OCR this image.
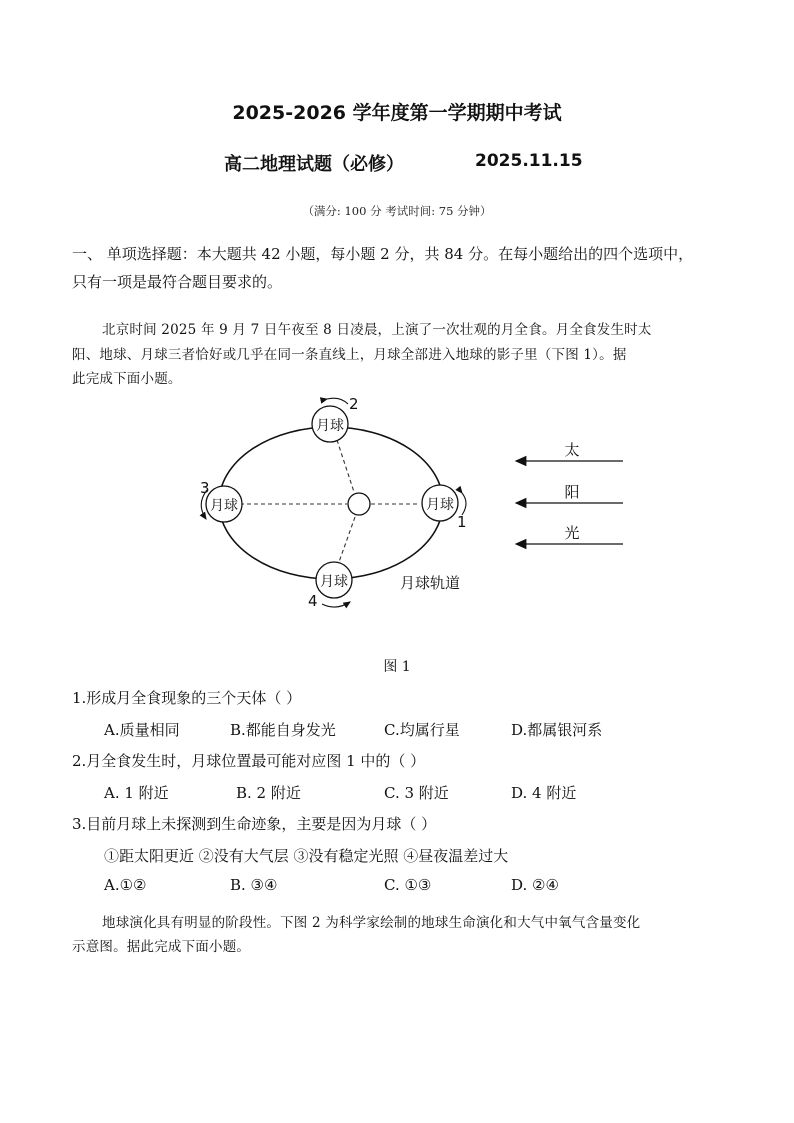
2025-2026 学年度第一学期期中考试
高二地理试题（必修）	2025.11.15
（满分: 100 分 考试时间: 75 分钟）
一、 单项选择题：本大题共 42 小题，每小题 2 分，共 84 分。在每小题给出的四个选项中，
只有一项是最符合题目要求的。
北京时间 2025 年 9 月 7 日午夜至 8 日凌晨，上演了一次壮观的月全食。月全食发生时太
阳、地球、月球三者恰好或几乎在同一条直线上，月球全部进入地球的影子里（下图 1）。据
此完成下面小题。
月球
月球	月球
月球
2
3
1
4
月球轨道
太
阳
光
图 1
1.形成月全食现象的三个天体（ ）
A.质量相同	B.都能自身发光	C.均属行星	D.都属银河系
2.月全食发生时，月球位置最可能对应图 1 中的（ ）
A. 1 附近	B. 2 附近	C. 3 附近	D. 4 附近
3.目前月球上未探测到生命迹象，主要是因为月球（ ）
①距太阳更近 ②没有大气层 ③没有稳定光照 ④昼夜温差过大
A.①②	B. ③④	C. ①③	D. ②④
地球演化具有明显的阶段性。下图 2 为科学家绘制的地球生命演化和大气中氧气含量变化
示意图。据此完成下面小题。
